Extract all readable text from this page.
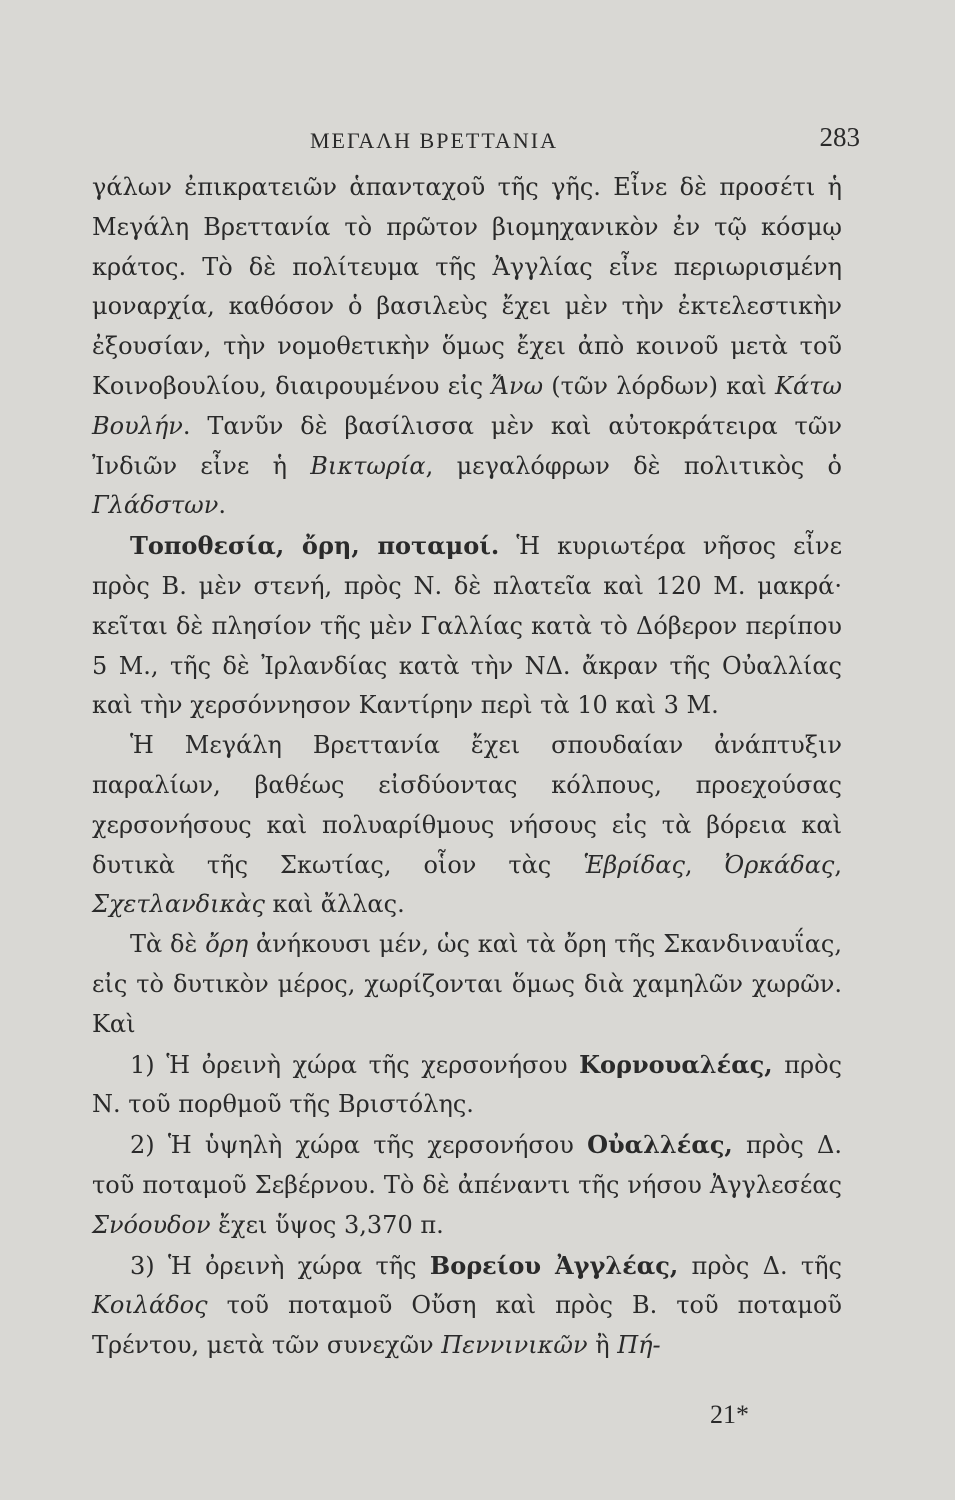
ΜΕΓΑΛΗ ΒΡΕΤΤΑΝΙΑ	283

γάλων ἐπικρατειῶν ἁπανταχοῦ τῆς γῆς. Εἶνε δὲ προσέτι ἡ Μεγάλη Βρεττανία τὸ πρῶτον βιομηχανικὸν ἐν τῷ κόσμῳ κράτος. Τὸ δὲ πολίτευμα τῆς Ἀγγλίας εἶνε περιωρισμένη μοναρχία, καθόσον ὁ βασιλεὺς ἔχει μὲν τὴν ἐκτελεστικὴν ἐξουσίαν, τὴν νομοθετικὴν ὅμως ἔχει ἀπὸ κοινοῦ μετὰ τοῦ Κοινοβουλίου, διαιρουμένου εἰς Ἄνω (τῶν λόρδων) καὶ Κάτω Βουλήν. Τανῦν δὲ βασίλισσα μὲν καὶ αὐτοκράτειρα τῶν Ἰνδιῶν εἶνε ἡ Βικτωρία, μεγαλόφρων δὲ πολιτικὸς ὁ Γλάδστων.

Τοποθεσία, ὄρη, ποταμοί. Ἡ κυριωτέρα νῆσος εἶνε πρὸς Β. μὲν στενή, πρὸς Ν. δὲ πλατεῖα καὶ 120 Μ. μακρά· κεῖται δὲ πλησίον τῆς μὲν Γαλλίας κατὰ τὸ Δόβερον περίπου 5 Μ., τῆς δὲ Ἰρλανδίας κατὰ τὴν ΝΔ. ἄκραν τῆς Οὐαλλίας καὶ τὴν χερσόννησον Καντίρην περὶ τὰ 10 καὶ 3 Μ.

Ἡ Μεγάλη Βρεττανία ἔχει σπουδαίαν ἀνάπτυξιν παραλίων, βαθέως εἰσδύοντας κόλπους, προεχούσας χερσονήσους καὶ πολυαρίθμους νήσους εἰς τὰ βόρεια καὶ δυτικὰ τῆς Σκωτίας, οἷον τὰς Ἑβρίδας, Ὀρκάδας, Σχετλανδικὰς καὶ ἄλλας.

Τὰ δὲ ὄρη ἀνήκουσι μέν, ὡς καὶ τὰ ὄρη τῆς Σκανδιναυΐας, εἰς τὸ δυτικὸν μέρος, χωρίζονται ὅμως διὰ χαμηλῶν χωρῶν. Καὶ

1) Ἡ ὀρεινὴ χώρα τῆς χερσονήσου Κορνουαλέας, πρὸς Ν. τοῦ πορθμοῦ τῆς Βριστόλης.

2) Ἡ ὑψηλὴ χώρα τῆς χερσονήσου Οὐαλλέας, πρὸς Δ. τοῦ ποταμοῦ Σεβέρνου. Τὸ δὲ ἀπέναντι τῆς νήσου Ἀγγλεσέας Σνόουδον ἔχει ὕψος 3,370 π.

3) Ἡ ὀρεινὴ χώρα τῆς Βορείου Ἀγγλέας, πρὸς Δ. τῆς Κοιλάδος τοῦ ποταμοῦ Οὔση καὶ πρὸς Β. τοῦ ποταμοῦ Τρέντου, μετὰ τῶν συνεχῶν Πεννινικῶν ἢ Πή-

21*
